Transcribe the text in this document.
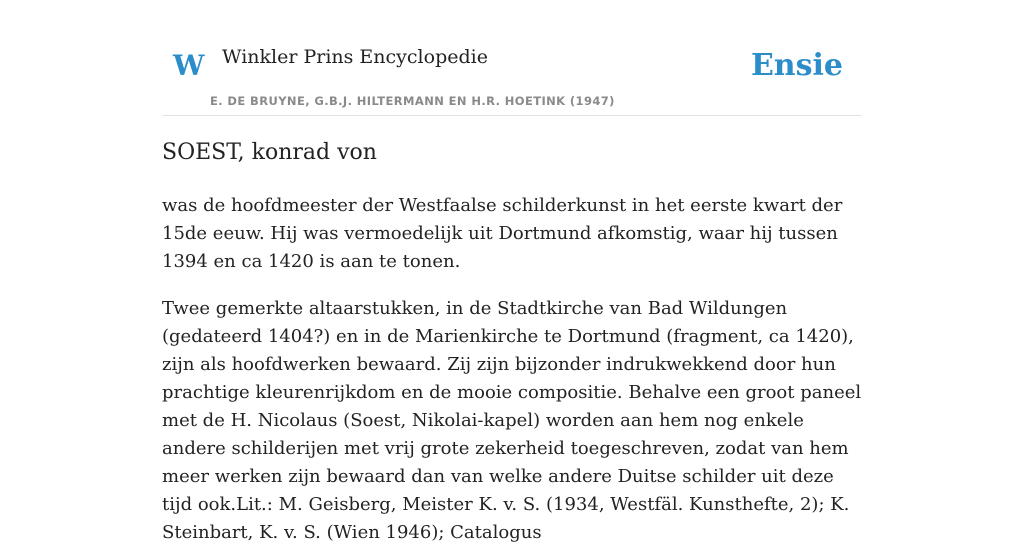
W Winkler Prins Encyclopedie
E. DE BRUYNE, G.B.J. HILTERMANN EN H.R. HOETINK (1947)
Ensie
SOEST, konrad von

was de hoofdmeester der Westfaalse schilderkunst in het eerste kwart der 15de eeuw. Hij was vermoedelijk uit Dortmund afkomstig, waar hij tussen 1394 en ca 1420 is aan te tonen.

Twee gemerkte altaarstukken, in de Stadtkirche van Bad Wildungen (gedateerd 1404?) en in de Marienkirche te Dortmund (fragment, ca 1420), zijn als hoofdwerken bewaard. Zij zijn bijzonder indrukwekkend door hun prachtige kleurenrijkdom en de mooie compositie. Behalve een groot paneel met de H. Nicolaus (Soest, Nikolai-kapel) worden aan hem nog enkele andere schilderijen met vrij grote zekerheid toegeschreven, zodat van hem meer werken zijn bewaard dan van welke andere Duitse schilder uit deze tijd ook.Lit.: M. Geisberg, Meister K. v. S. (1934, Westfäl. Kunsthefte, 2); K. Steinbart, K. v. S. (Wien 1946); Catalogus
